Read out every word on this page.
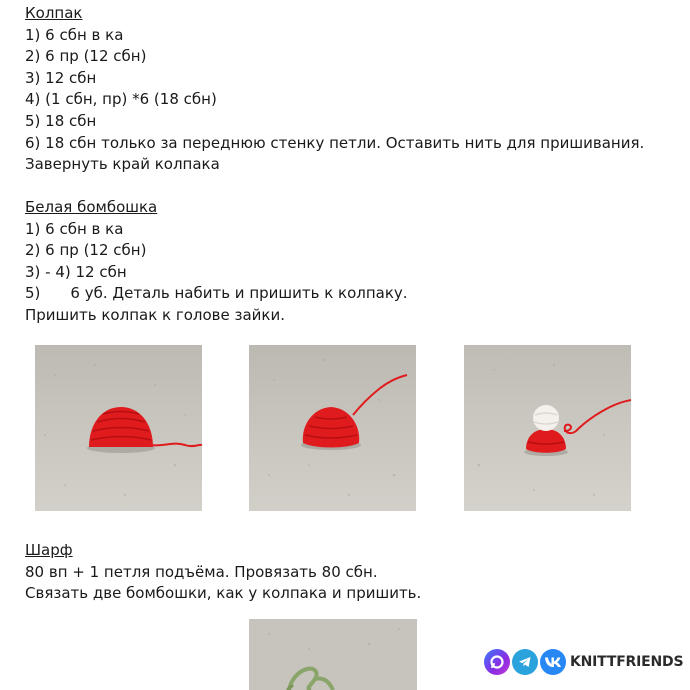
Колпак
1) 6 сбн в ка
2) 6 пр (12 сбн)
3) 12 сбн
4) (1 сбн, пр) *6 (18 сбн)
5) 18 сбн
6) 18 сбн только за переднюю стенку петли. Оставить нить для пришивания.
Завернуть край колпака
Белая бомбошка
1) 6 сбн в ка
2) 6 пр (12 сбн)
3) - 4) 12 сбн
5) 6 уб. Деталь набить и пришить к колпаку.
Пришить колпак к голове зайки.
Шарф
80 вп + 1 петля подъёма. Провязать 80 сбн.
Связать две бомбошки, как у колпака и пришить.
KNITTFRIENDS
